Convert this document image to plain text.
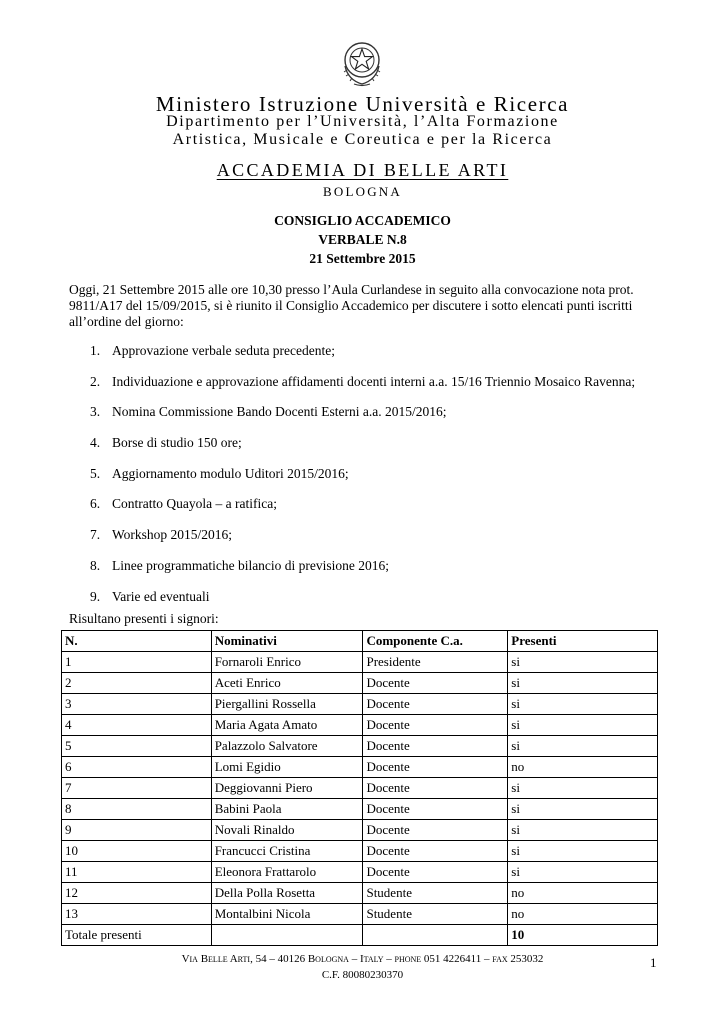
Ministero Istruzione Università e Ricerca
Dipartimento per l’Università, l’Alta Formazione
Artistica, Musicale e Coreutica e per la Ricerca
ACCADEMIA DI BELLE ARTI
BOLOGNA
CONSIGLIO ACCADEMICO
VERBALE N.8
21 Settembre 2015
Oggi, 21 Settembre 2015 alle ore 10,30 presso l’Aula Curlandese in seguito alla convocazione nota prot. 9811/A17 del 15/09/2015, si è riunito il Consiglio Accademico per discutere i sotto elencati punti iscritti all’ordine del giorno:
1. Approvazione verbale seduta precedente;
2. Individuazione e approvazione affidamenti docenti interni a.a. 15/16 Triennio Mosaico Ravenna;
3. Nomina Commissione Bando Docenti Esterni a.a. 2015/2016;
4. Borse di studio 150 ore;
5. Aggiornamento modulo Uditori 2015/2016;
6. Contratto Quayola – a ratifica;
7. Workshop 2015/2016;
8. Linee programmatiche bilancio di previsione 2016;
9. Varie ed eventuali
Risultano presenti i signori:
N.	Nominativi	Componente C.a.	Presenti
1	Fornaroli Enrico	Presidente	si
2	Aceti Enrico	Docente	si
3	Piergallini Rossella	Docente	si
4	Maria Agata Amato	Docente	si
5	Palazzolo Salvatore	Docente	si
6	Lomi Egidio	Docente	no
7	Deggiovanni Piero	Docente	si
8	Babini Paola	Docente	si
9	Novali Rinaldo	Docente	si
10	Francucci Cristina	Docente	si
11	Eleonora Frattarolo	Docente	si
12	Della Polla Rosetta	Studente	no
13	Montalbini Nicola	Studente	no
Totale presenti			10
Via Belle Arti, 54 – 40126 Bologna – Italy – phone 051 4226411 – fax 253032
C.F. 80080230370
1
